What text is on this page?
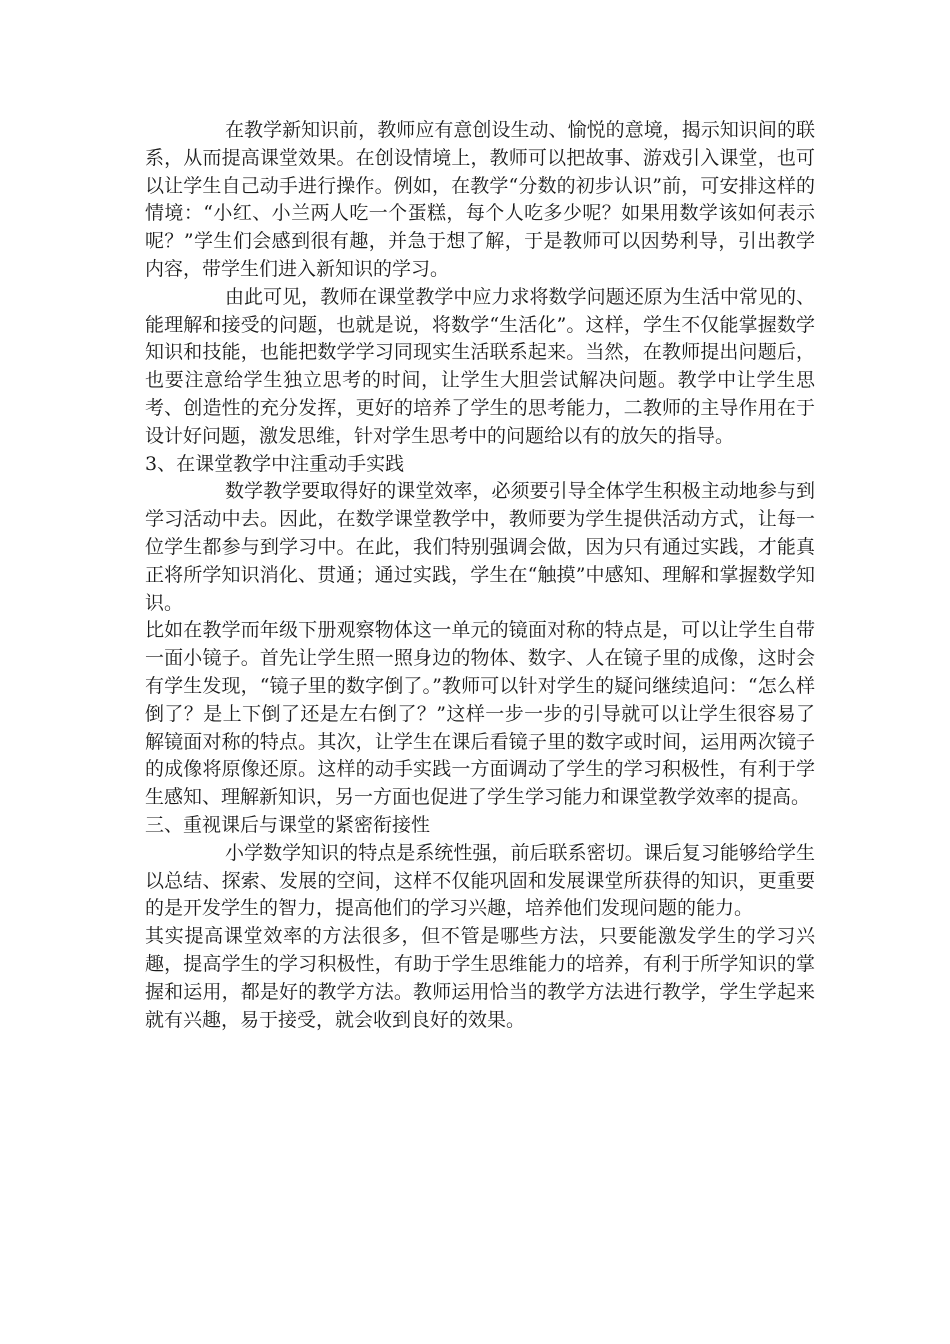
在教学新知识前，教师应有意创设生动、愉悦的意境，揭示知识间的联系，从而提高课堂效果。在创设情境上，教师可以把故事、游戏引入课堂，也可以让学生自己动手进行操作。例如，在教学“分数的初步认识”前，可安排这样的情境：“小红、小兰两人吃一个蛋糕，每个人吃多少呢？如果用数学该如何表示呢？”学生们会感到很有趣，并急于想了解，于是教师可以因势利导，引出教学内容，带学生们进入新知识的学习。

由此可见，教师在课堂教学中应力求将数学问题还原为生活中常见的、能理解和接受的问题，也就是说，将数学“生活化”。这样，学生不仅能掌握数学知识和技能，也能把数学学习同现实生活联系起来。当然，在教师提出问题后，也要注意给学生独立思考的时间，让学生大胆尝试解决问题。教学中让学生思考、创造性的充分发挥，更好的培养了学生的思考能力，二教师的主导作用在于设计好问题，激发思维，针对学生思考中的问题给以有的放矢的指导。

3、在课堂教学中注重动手实践

数学教学要取得好的课堂效率，必须要引导全体学生积极主动地参与到学习活动中去。因此，在数学课堂教学中，教师要为学生提供活动方式，让每一位学生都参与到学习中。在此，我们特别强调会做，因为只有通过实践，才能真正将所学知识消化、贯通；通过实践，学生在“触摸”中感知、理解和掌握数学知识。

比如在教学而年级下册观察物体这一单元的镜面对称的特点是，可以让学生自带一面小镜子。首先让学生照一照身边的物体、数字、人在镜子里的成像，这时会有学生发现，“镜子里的数字倒了。”教师可以针对学生的疑问继续追问：“怎么样倒了？是上下倒了还是左右倒了？”这样一步一步的引导就可以让学生很容易了解镜面对称的特点。其次，让学生在课后看镜子里的数字或时间，运用两次镜子的成像将原像还原。这样的动手实践一方面调动了学生的学习积极性，有利于学生感知、理解新知识，另一方面也促进了学生学习能力和课堂教学效率的提高。

三、重视课后与课堂的紧密衔接性

小学数学知识的特点是系统性强，前后联系密切。课后复习能够给学生以总结、探索、发展的空间，这样不仅能巩固和发展课堂所获得的知识，更重要的是开发学生的智力，提高他们的学习兴趣，培养他们发现问题的能力。

其实提高课堂效率的方法很多，但不管是哪些方法，只要能激发学生的学习兴趣，提高学生的学习积极性，有助于学生思维能力的培养，有利于所学知识的掌握和运用，都是好的教学方法。教师运用恰当的教学方法进行教学，学生学起来就有兴趣，易于接受，就会收到良好的效果。
